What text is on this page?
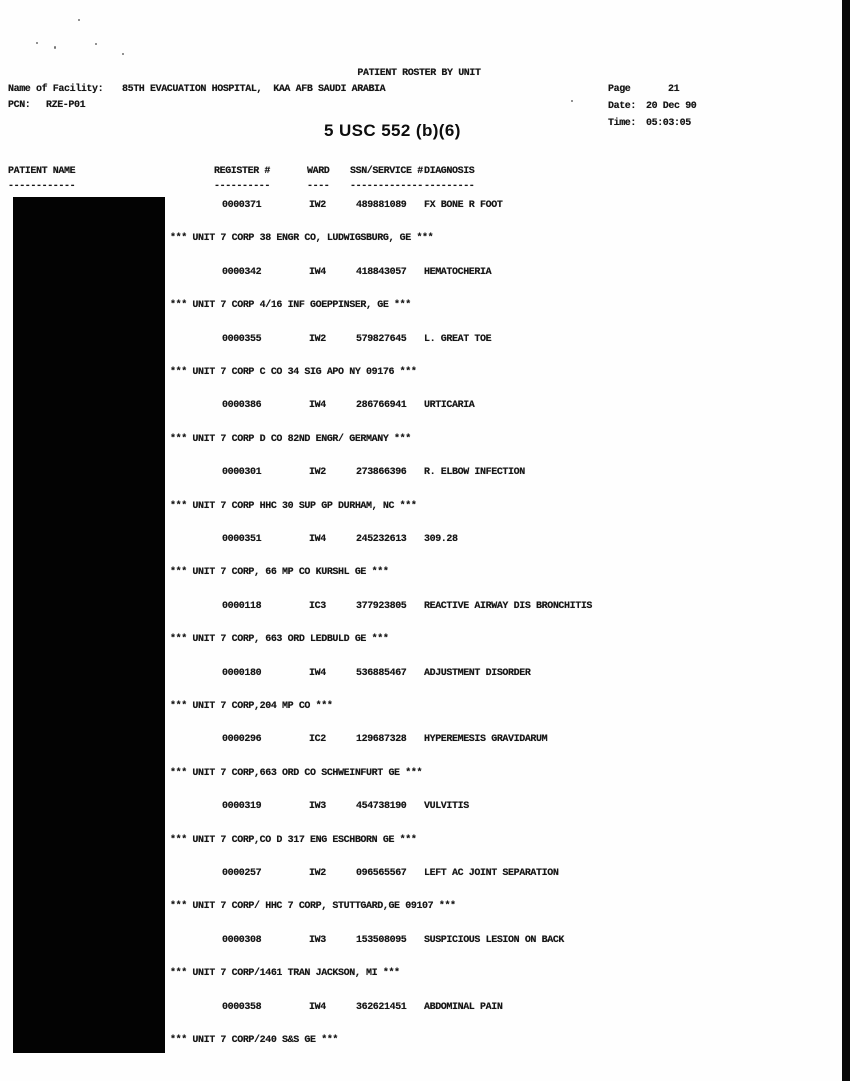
PATIENT ROSTER BY UNIT
Name of Facility: 85TH EVACUATION HOSPITAL,  KAA AFB SAUDI ARABIA
PCN: RZE-P01
Page	21
Date: 20 Dec 90
Time: 05:03:05
5 USC 552 (b)(6)
PATIENT NAME	REGISTER #	WARD SSN/SERVICE # DIAGNOSIS
------------	----------	---- ------------- ---------
0000371	IW2	489881089 FX BONE R FOOT
*** UNIT 7 CORP 38 ENGR CO, LUDWIGSBURG, GE ***
0000342	IW4	418843057 HEMATOCHERIA
*** UNIT 7 CORP 4/16 INF GOEPPINSER, GE ***
0000355	IW2	579827645 L. GREAT TOE
*** UNIT 7 CORP C CO 34 SIG APO NY 09176 ***
0000386	IW4	286766941 URTICARIA
*** UNIT 7 CORP D CO 82ND ENGR/ GERMANY ***
0000301	IW2	273866396 R. ELBOW INFECTION
*** UNIT 7 CORP HHC 30 SUP GP DURHAM, NC ***
0000351	IW4	245232613 309.28
*** UNIT 7 CORP, 66 MP CO KURSHL GE ***
0000118	IC3	377923805 REACTIVE AIRWAY DIS BRONCHITIS
*** UNIT 7 CORP, 663 ORD LEDBULD GE ***
0000180	IW4	536885467 ADJUSTMENT DISORDER
*** UNIT 7 CORP,204 MP CO ***
0000296	IC2	129687328 HYPEREMESIS GRAVIDARUM
*** UNIT 7 CORP,663 ORD CO SCHWEINFURT GE ***
0000319	IW3	454738190 VULVITIS
*** UNIT 7 CORP,CO D 317 ENG ESCHBORN GE ***
0000257	IW2	096565567 LEFT AC JOINT SEPARATION
*** UNIT 7 CORP/ HHC 7 CORP, STUTTGARD,GE 09107 ***
0000308	IW3	153508095 SUSPICIOUS LESION ON BACK
*** UNIT 7 CORP/1461 TRAN JACKSON, MI ***
0000358	IW4	362621451 ABDOMINAL PAIN
*** UNIT 7 CORP/240 S&S GE ***
